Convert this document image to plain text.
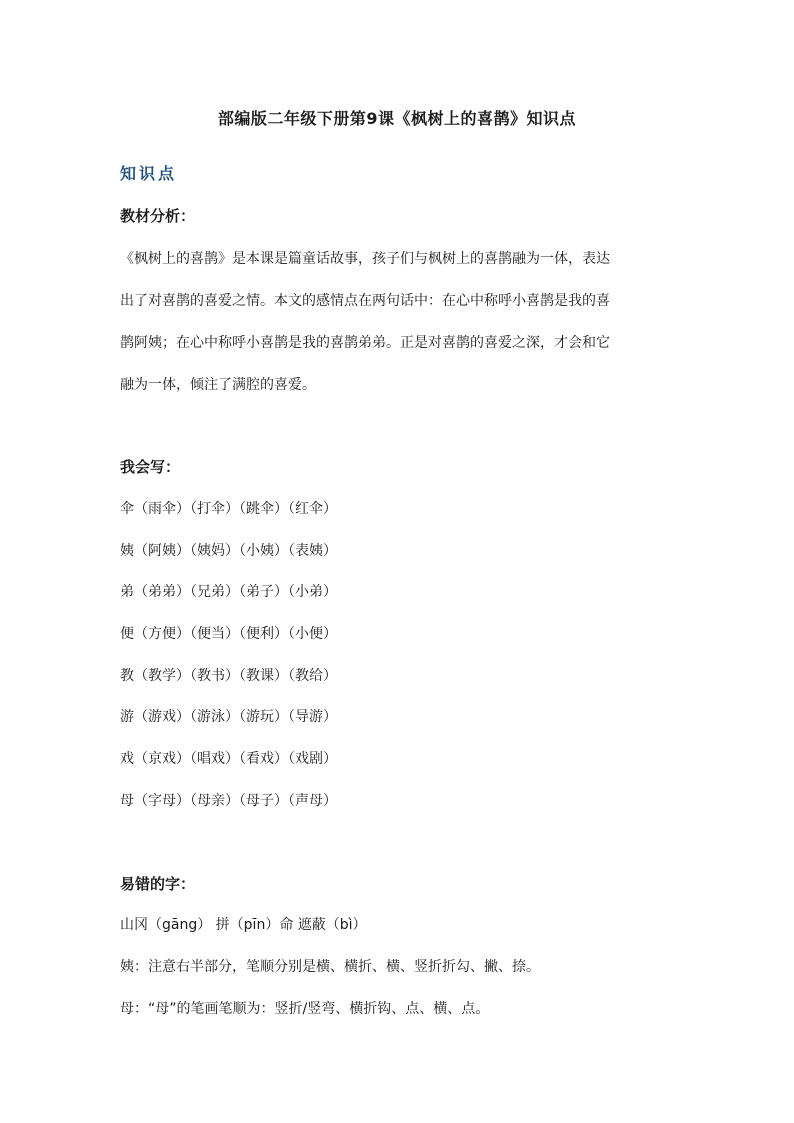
部编版二年级下册第9课《枫树上的喜鹊》知识点
知识点
教材分析：

《枫树上的喜鹊》是本课是篇童话故事，孩子们与枫树上的喜鹊融为一体，表达

出了对喜鹊的喜爱之情。本文的感情点在两句话中：在心中称呼小喜鹊是我的喜

鹊阿姨；在心中称呼小喜鹊是我的喜鹊弟弟。正是对喜鹊的喜爱之深，才会和它

融为一体，倾注了满腔的喜爱。

我会写：

伞（雨伞）（打伞）（跳伞）（红伞）

姨（阿姨）（姨妈）（小姨）（表姨）

弟（弟弟）（兄弟）（弟子）（小弟）

便（方便）（便当）（便利）（小便）

教（教学）（教书）（教课）（教给）

游（游戏）（游泳）（游玩）（导游）

戏（京戏）（唱戏）（看戏）（戏剧）

母（字母）（母亲）（母子）（声母）

易错的字：

山冈（gāng） 拼（pīn）命 遮蔽（bì）

姨：注意右半部分，笔顺分别是横、横折、横、竖折折勾、撇、捺。

母：“母”的笔画笔顺为：竖折/竖弯、横折钩、点、横、点。
